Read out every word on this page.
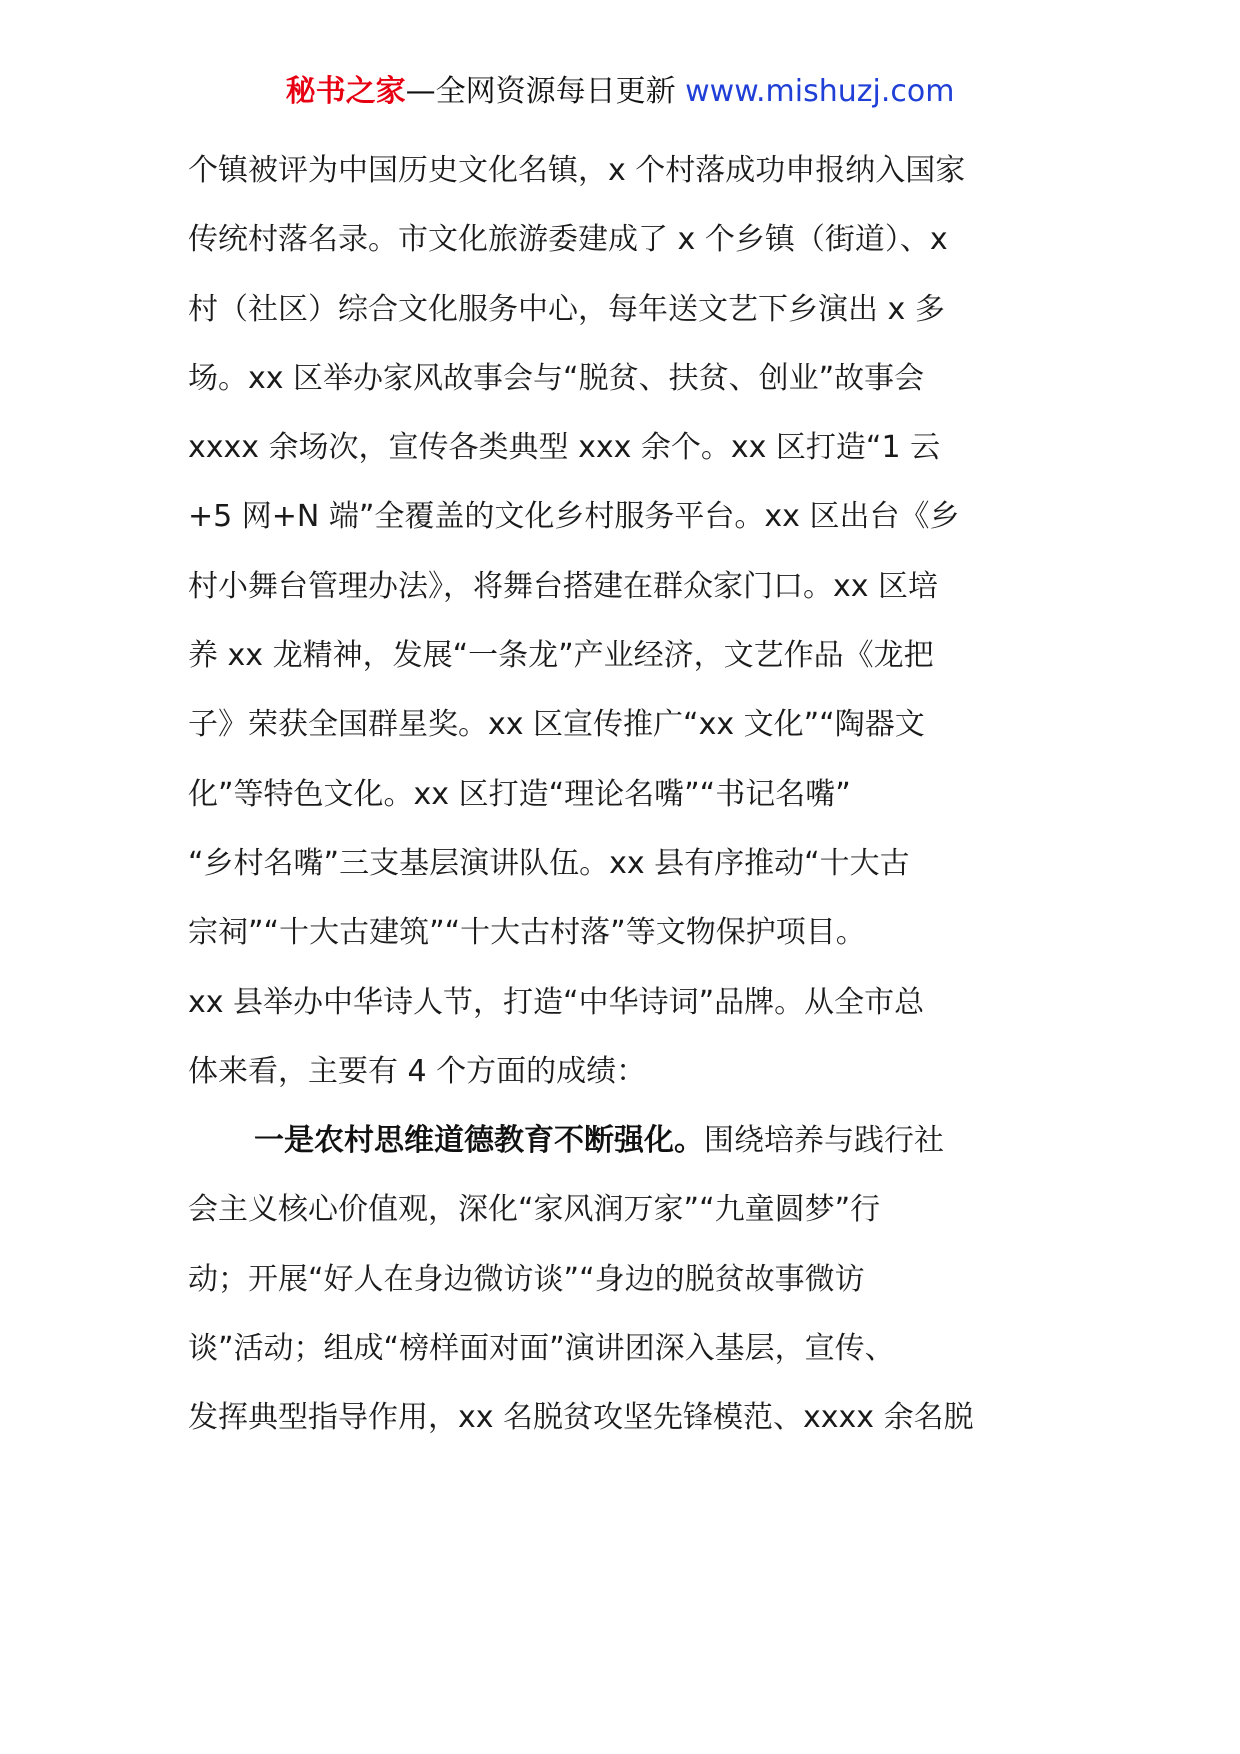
秘书之家—全网资源每日更新 www.mishuzj.com
个镇被评为中国历史文化名镇，x 个村落成功申报纳入国家
传统村落名录。市文化旅游委建成了 x 个乡镇（街道）、x
村（社区）综合文化服务中心，每年送文艺下乡演出 x 多
场。xx 区举办家风故事会与“脱贫、扶贫、创业”故事会
xxxx 余场次，宣传各类典型 xxx 余个。xx 区打造“1 云
+5 网+N 端”全覆盖的文化乡村服务平台。xx 区出台《乡
村小舞台管理办法》，将舞台搭建在群众家门口。xx 区培
养 xx 龙精神，发展“一条龙”产业经济，文艺作品《龙把
子》荣获全国群星奖。xx 区宣传推广“xx 文化”“陶器文
化”等特色文化。xx 区打造“理论名嘴”“书记名嘴”
“乡村名嘴”三支基层演讲队伍。xx 县有序推动“十大古
宗祠”“十大古建筑”“十大古村落”等文物保护项目。
xx 县举办中华诗人节，打造“中华诗词”品牌。从全市总
体来看，主要有 4 个方面的成绩：
一是农村思维道德教育不断强化。围绕培养与践行社
会主义核心价值观，深化“家风润万家”“九童圆梦”行
动；开展“好人在身边微访谈”“身边的脱贫故事微访
谈”活动；组成“榜样面对面”演讲团深入基层，宣传、
发挥典型指导作用，xx 名脱贫攻坚先锋模范、xxxx 余名脱
